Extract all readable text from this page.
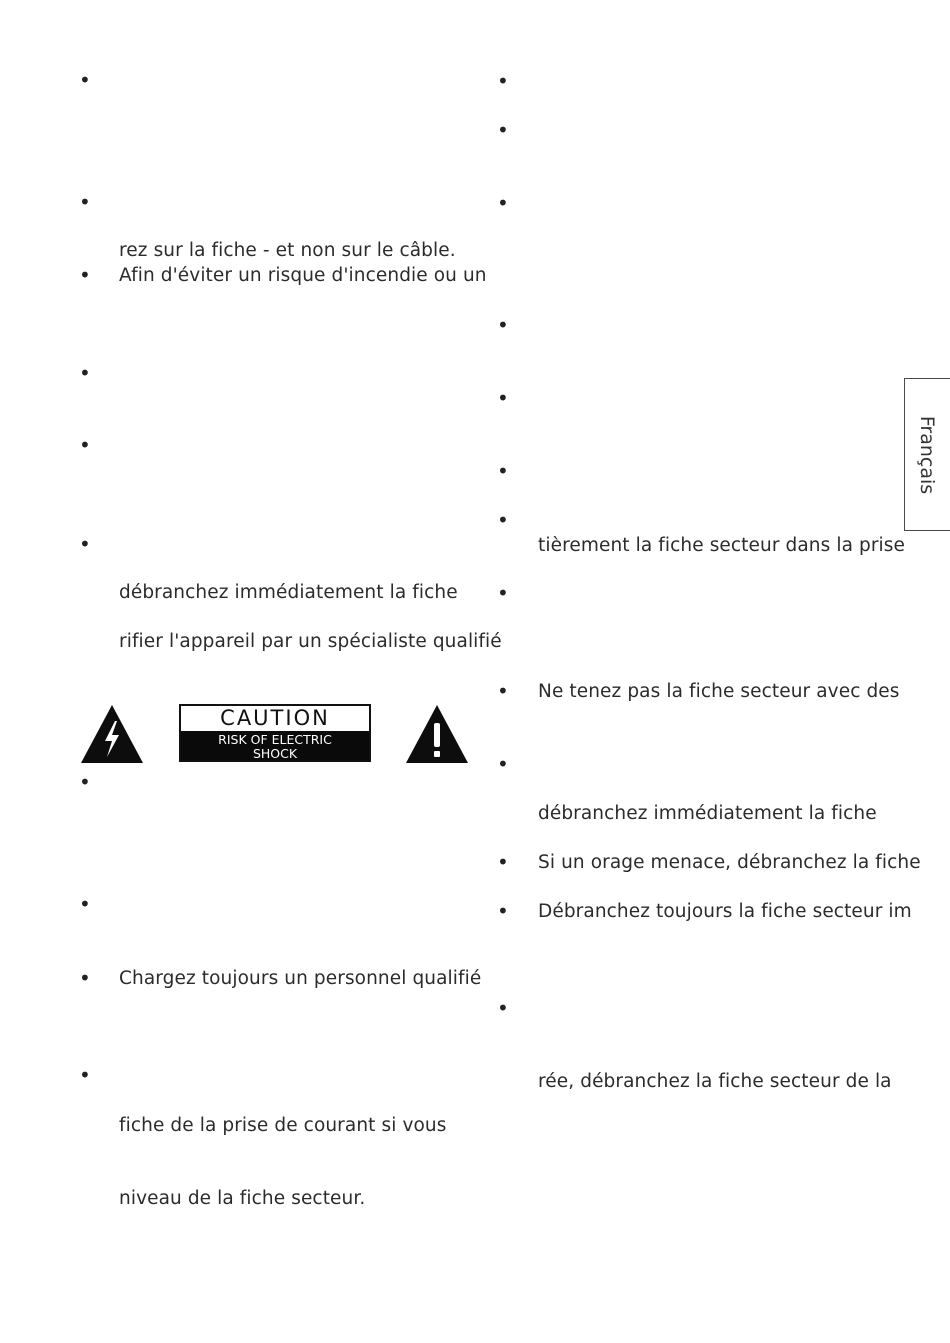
•
•
•
•
•
•
•
•
•
•
rez sur la fiche - et non sur le câble.
Afin d'éviter un risque d'incendie ou un
débranchez immédiatement la fiche
rifier l'appareil par un spécialiste qualifié
Chargez toujours un personnel qualifié
fiche de la prise de courant si vous
niveau de la fiche secteur.
CAUTION
RISK OF ELECTRIC
SHOCK
•
•
•
•
•
•
•
•
•
•
•
•
•
tièrement la fiche secteur dans la prise
Ne tenez pas la fiche secteur avec des
débranchez immédiatement la fiche
Si un orage menace, débranchez la fiche
Débranchez toujours la fiche secteur im
rée, débranchez la fiche secteur de la
Français
